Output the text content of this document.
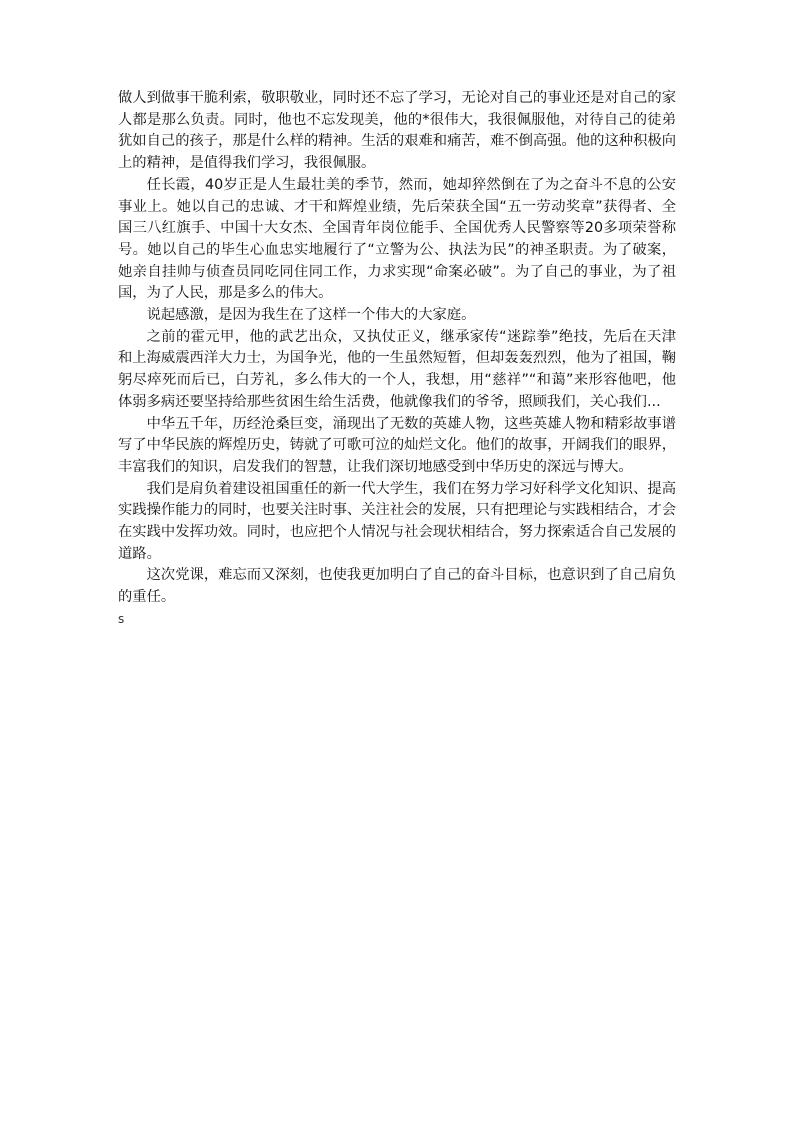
做人到做事干脆利索，敬职敬业，同时还不忘了学习，无论对自己的事业还是对自己的家人都是那么负责。同时，他也不忘发现美，他的*很伟大，我很佩服他，对待自己的徒弟犹如自己的孩子，那是什么样的精神。生活的艰难和痛苦，难不倒高强。他的这种积极向上的精神，是值得我们学习，我很佩服。

任长霞，40岁正是人生最壮美的季节，然而，她却猝然倒在了为之奋斗不息的公安事业上。她以自己的忠诚、才干和辉煌业绩，先后荣获全国“五一劳动奖章”获得者、全国三八红旗手、中国十大女杰、全国青年岗位能手、全国优秀人民警察等20多项荣誉称号。她以自己的毕生心血忠实地履行了“立警为公、执法为民”的神圣职责。为了破案，她亲自挂帅与侦查员同吃同住同工作，力求实现“命案必破”。为了自己的事业，为了祖国，为了人民，那是多么的伟大。

说起感激，是因为我生在了这样一个伟大的大家庭。

之前的霍元甲，他的武艺出众，又执仗正义，继承家传“迷踪拳”绝技，先后在天津和上海威震西洋大力士，为国争光，他的一生虽然短暂，但却轰轰烈烈，他为了祖国，鞠躬尽瘁死而后已，白芳礼，多么伟大的一个人，我想，用“慈祥”“和蔼”来形容他吧，他体弱多病还要坚持给那些贫困生给生活费，他就像我们的爷爷，照顾我们，关心我们...

中华五千年，历经沧桑巨变，涌现出了无数的英雄人物，这些英雄人物和精彩故事谱写了中华民族的辉煌历史，铸就了可歌可泣的灿烂文化。他们的故事，开阔我们的眼界，丰富我们的知识，启发我们的智慧，让我们深切地感受到中华历史的深远与博大。

我们是肩负着建设祖国重任的新一代大学生，我们在努力学习好科学文化知识、提高实践操作能力的同时，也要关注时事、关注社会的发展，只有把理论与实践相结合，才会在实践中发挥功效。同时，也应把个人情况与社会现状相结合，努力探索适合自己发展的道路。

这次党课，难忘而又深刻，也使我更加明白了自己的奋斗目标，也意识到了自己肩负的重任。

s
